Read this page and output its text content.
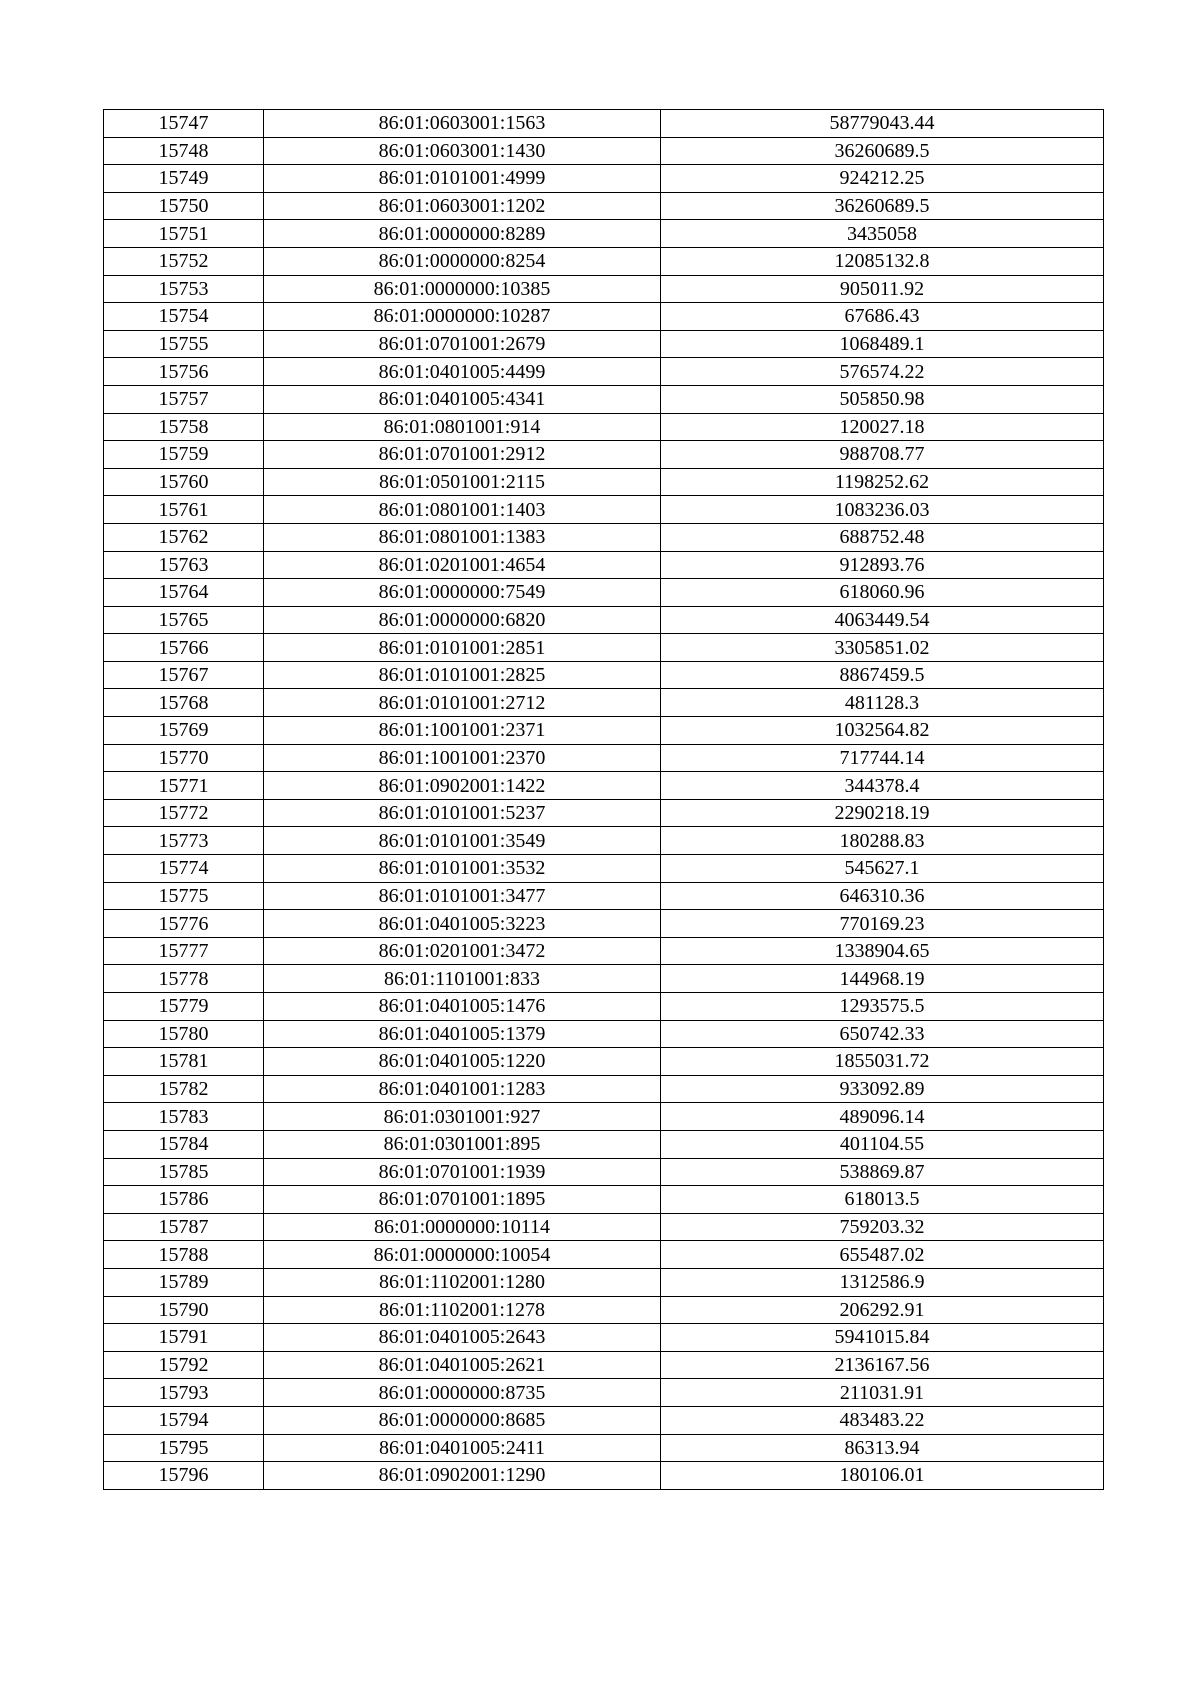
15747	86:01:0603001:1563	58779043.44
15748	86:01:0603001:1430	36260689.5
15749	86:01:0101001:4999	924212.25
15750	86:01:0603001:1202	36260689.5
15751	86:01:0000000:8289	3435058
15752	86:01:0000000:8254	12085132.8
15753	86:01:0000000:10385	905011.92
15754	86:01:0000000:10287	67686.43
15755	86:01:0701001:2679	1068489.1
15756	86:01:0401005:4499	576574.22
15757	86:01:0401005:4341	505850.98
15758	86:01:0801001:914	120027.18
15759	86:01:0701001:2912	988708.77
15760	86:01:0501001:2115	1198252.62
15761	86:01:0801001:1403	1083236.03
15762	86:01:0801001:1383	688752.48
15763	86:01:0201001:4654	912893.76
15764	86:01:0000000:7549	618060.96
15765	86:01:0000000:6820	4063449.54
15766	86:01:0101001:2851	3305851.02
15767	86:01:0101001:2825	8867459.5
15768	86:01:0101001:2712	481128.3
15769	86:01:1001001:2371	1032564.82
15770	86:01:1001001:2370	717744.14
15771	86:01:0902001:1422	344378.4
15772	86:01:0101001:5237	2290218.19
15773	86:01:0101001:3549	180288.83
15774	86:01:0101001:3532	545627.1
15775	86:01:0101001:3477	646310.36
15776	86:01:0401005:3223	770169.23
15777	86:01:0201001:3472	1338904.65
15778	86:01:1101001:833	144968.19
15779	86:01:0401005:1476	1293575.5
15780	86:01:0401005:1379	650742.33
15781	86:01:0401005:1220	1855031.72
15782	86:01:0401001:1283	933092.89
15783	86:01:0301001:927	489096.14
15784	86:01:0301001:895	401104.55
15785	86:01:0701001:1939	538869.87
15786	86:01:0701001:1895	618013.5
15787	86:01:0000000:10114	759203.32
15788	86:01:0000000:10054	655487.02
15789	86:01:1102001:1280	1312586.9
15790	86:01:1102001:1278	206292.91
15791	86:01:0401005:2643	5941015.84
15792	86:01:0401005:2621	2136167.56
15793	86:01:0000000:8735	211031.91
15794	86:01:0000000:8685	483483.22
15795	86:01:0401005:2411	86313.94
15796	86:01:0902001:1290	180106.01
